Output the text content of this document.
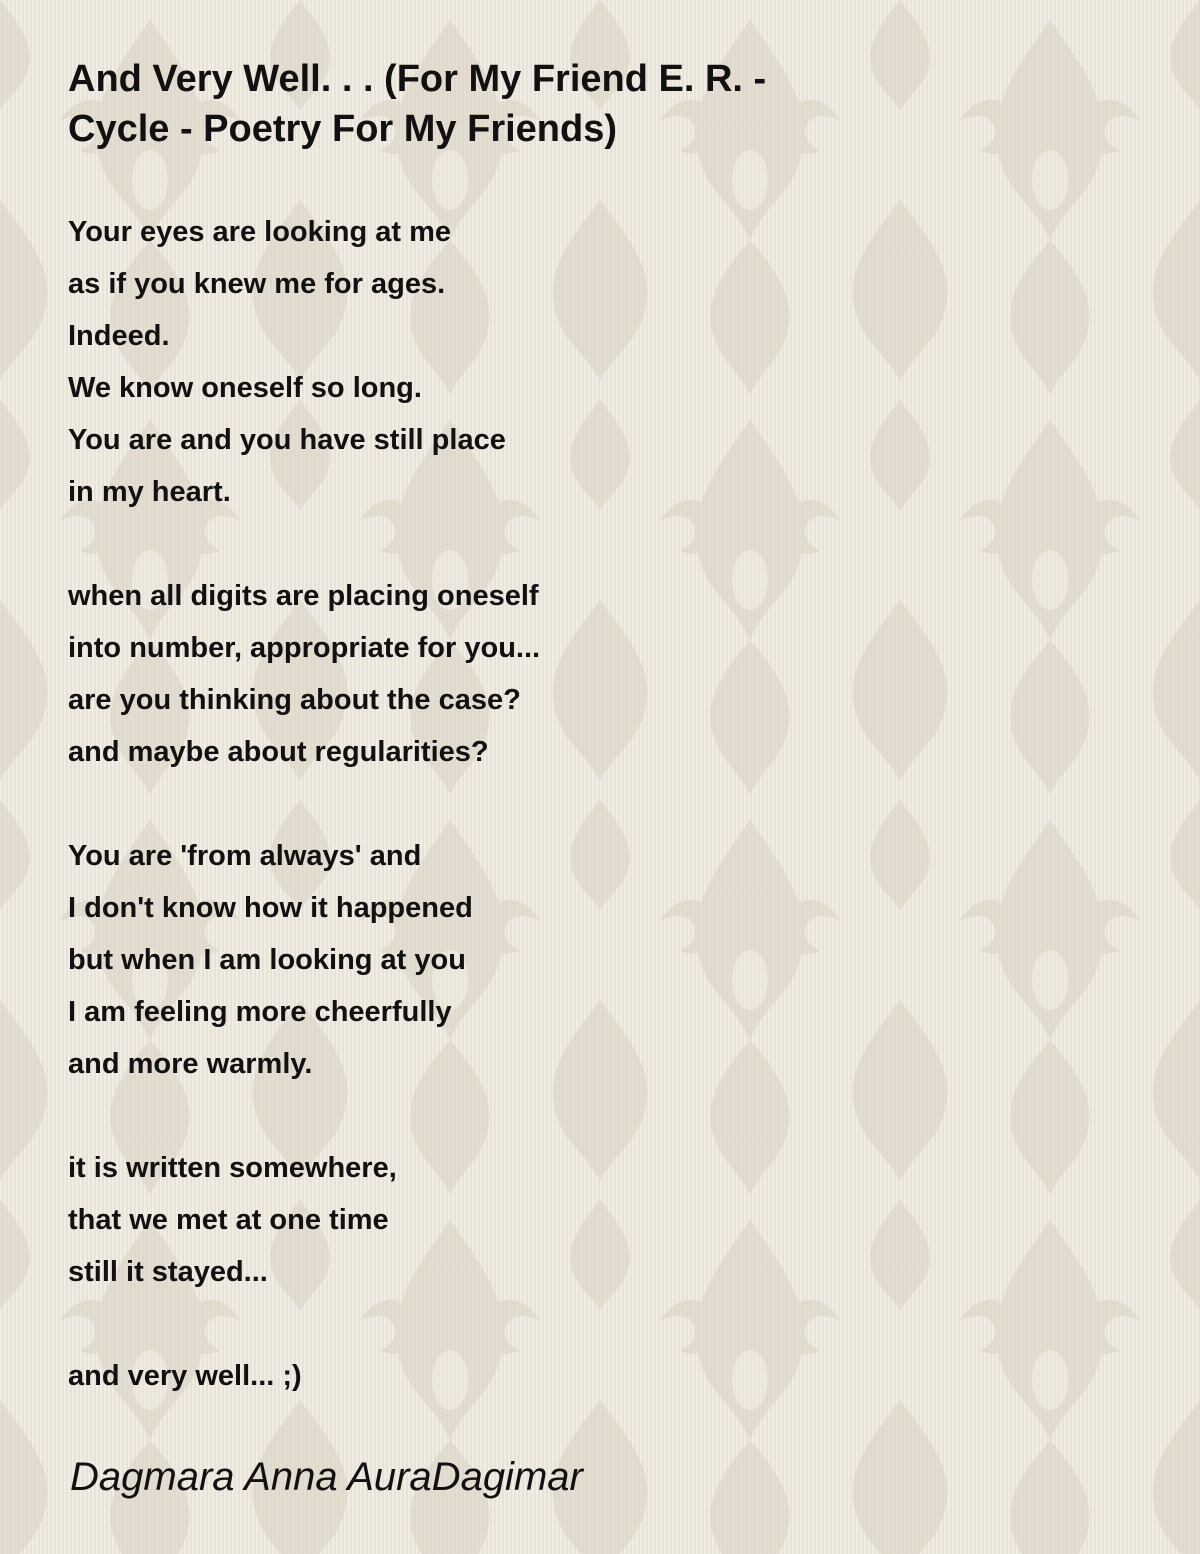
And Very Well. . . (For My Friend E. R. -
Cycle - Poetry For My Friends)
Your eyes are looking at me
as if you knew me for ages.
Indeed.
We know oneself so long.
You are and you have still place
in my heart.
when all digits are placing oneself
into number, appropriate for you...
are you thinking about the case?
and maybe about regularities?
You are 'from always' and
I don't know how it happened
but when I am looking at you
I am feeling more cheerfully
and more warmly.
it is written somewhere,
that we met at one time
still it stayed...
and very well... ;)
Dagmara Anna AuraDagimar
